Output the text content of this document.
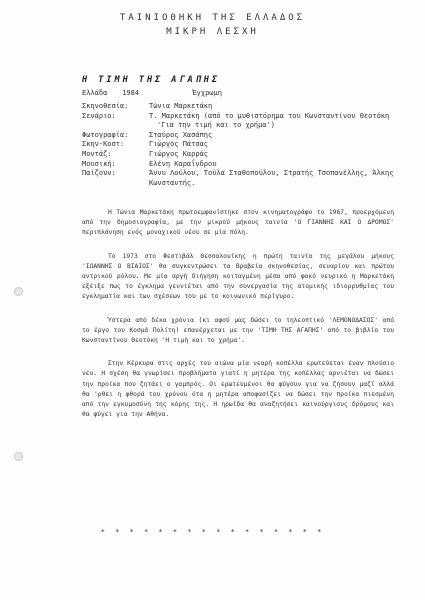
ΤΑΙΝΙΟΘΗΚΗ ΤΗΣ ΕΛΛΑΔΟΣ
ΜΙΚΡΗ ΛΕΣΧΗ
Η ΤΙΜΗ ΤΗΣ ΑΓΑΠΗΣ
Ελλάδα 1984	Έγχρωμη
Σκηνοθεσία:	Τώνια Μαρκετάκη
Σενάριο:	Τ. Μαρκετάκη (από το μυθιστόρημα του Κωνσταντίνου Θεοτόκη
'Για την τιμή και το χρήμα')
Φωτογραφία:	Σταύρος Χασάπης
Σκην-Κοστ:	Γιώργος Πάτσας
Μοντάζ:	Γιώργος Καρράς
Μουσική:	Ελένη Καραΐνδρου
Παίζουν:	Άννυ Λούλου, Τούλα Σταθοπούλου, Στρατής Τσοπανέλλης, Άλκης
Κωνσταντής.

Η Τώνια Μαρκετάκη πρωτοεμφανίστηκε στον κινηματογράφο το 1967, προερχόμενη από την δημοσιογραφία, με την μικρού μήκους ταινία 'Ο ΓΙΑΝΝΗΣ ΚΑΙ Ο ΔΡΟΜΟΣ' περιπλάνηση ενός μοναχικού νέου σε μία πόλη.

Το 1973 στο Φεστιβάλ Θεσσαλονίκης η πρώτη ταινία της μεγάλου μήκους 'ΙΩΑΝΝΗΣ Ο ΒΙΑΙΟΣ' θα συγκεντρώσει τα Βραβεία σκηνοθεσίας, σεναρίου και πρώτου αντρικού ρόλου. Με μία αργή διήγηση κοιταγμένη μέσα από φακό νευρικό η Μαρκετάκη εξέιξε πως το έγκλημα γεννιέται από την συνεργασία της ατομικής ιδιορρυθμίας του εγκληματία και των σχέσεων του με το κοινωνικό περίγυρο.

Ύστερα από δέκα χρόνια (κι αφού μας δώσει το τηλεοπτικό 'ΛΕΜΟΝΟΔΑΣΟΣ' από το έργο του Κοσμά Πολίτη) επανέρχεται με την 'ΤΙΜΗ ΤΗΣ ΑΓΑΠΗΣ' από το βιβλίο του Κωνσταντίνου Θεοτόκη 'Η τιμή και το χρήμα'.

Στην Κέρκυρα στις αρχές του αιώνα μία νεαρή κοπέλλα ερωτεύεται έναν πλούσιο νέο. Η σχέση θα γνωρίσει προβλήματα γιατί η μητέρα της κοπέλλας αρνιέται να δώσει την προίκα που ζητάει ο γαμπρός. Οι ερωτευμένοι θα φύγουν για να ζήσουν μαζί αλλά θα 'ρθει η φθορά του χρόνου ότα η μητέρα αποφασίζει να δώσει την προίκα πιεσμένη από την εγκυμοσύνη της κόρης της. Η ηρωίδα θα αναζητήσει καινούργιους δρόμους και θα φύγει για την Αθήνα.

* * * * * * * * * * * * * * * *
